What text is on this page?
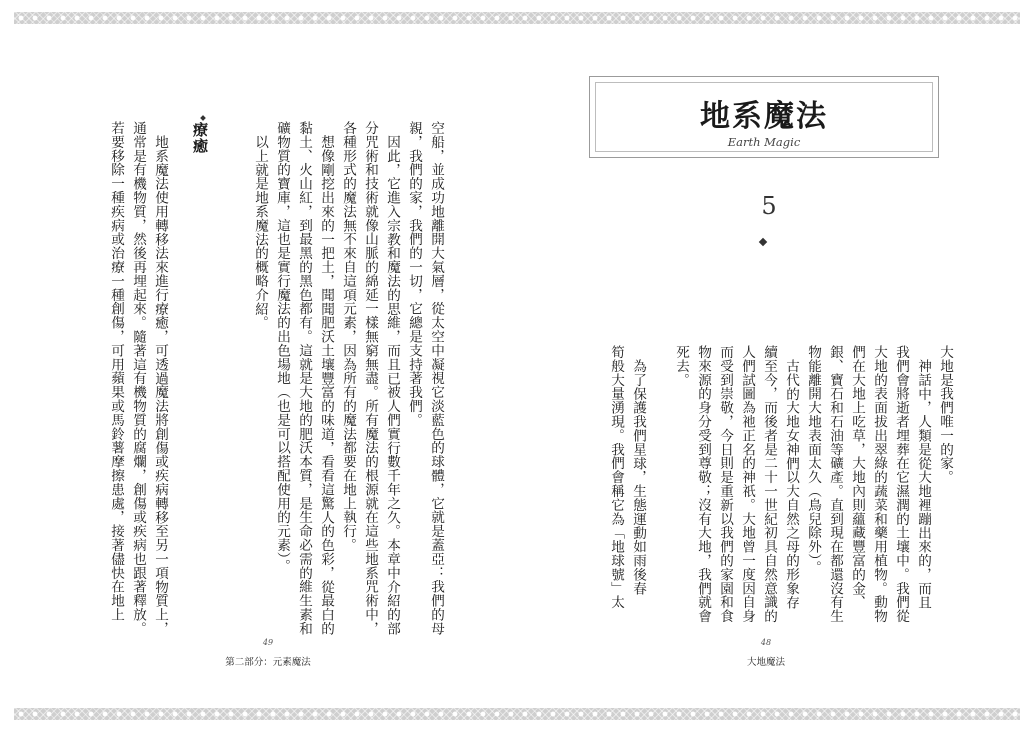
空船，並成功地離開大氣層，從太空中凝視它淡藍色的球體，它就是蓋亞：我們的母
親，我們的家，我們的一切，它總是支持著我們。
因此，它進入宗教和魔法的思維，而且已被人們實行數千年之久。本章中介紹的部
分咒術和技術就像山脈的綿延一樣無窮無盡。所有魔法的根源就在這些地系咒術中，
各種形式的魔法無不來自這項元素，因為所有的魔法都要在地上執行。
想像剛挖出來的一把土，聞聞肥沃土壤豐富的味道，看看這驚人的色彩，從最白的
黏土、火山紅，到最黑的黑色都有。這就是大地的肥沃本質，是生命必需的維生素和
礦物質的寶庫，這也是實行魔法的出色場地（也是可以搭配使用的元素）。
以上就是地系魔法的概略介紹。
療癒
地系魔法使用轉移法來進行療癒，可透過魔法將創傷或疾病轉移至另一項物質上，
通常是有機物質，然後再埋起來。隨著這有機物質的腐爛，創傷或疾病也跟著釋放。
若要移除一種疾病或治療一種創傷，可用蘋果或馬鈴薯摩擦患處，接著儘快在地上
49
第二部分：元素魔法
地系魔法
Earth Magic
5
大地是我們唯一的家。
神話中，人類是從大地裡蹦出來的，而且
我們會將逝者埋葬在它濕潤的土壤中。我們從
大地的表面拔出翠綠的蔬菜和藥用植物。動物
們在大地上吃草，大地內則蘊藏豐富的金、
銀、寶石和石油等礦產。直到現在都還沒有生
物能離開大地表面太久（鳥兒除外）。
古代的大地女神們以大自然之母的形象存
續至今，而後者是二十一世紀初具自然意識的
人們試圖為祂正名的神祇。大地曾一度因自身
而受到崇敬，今日則是重新以我們的家園和食
物來源的身分受到尊敬；沒有大地，我們就會
死去。
為了保護我們星球，生態運動如雨後春
筍般大量湧現。我們會稱它為「地球號」太
48
大地魔法
